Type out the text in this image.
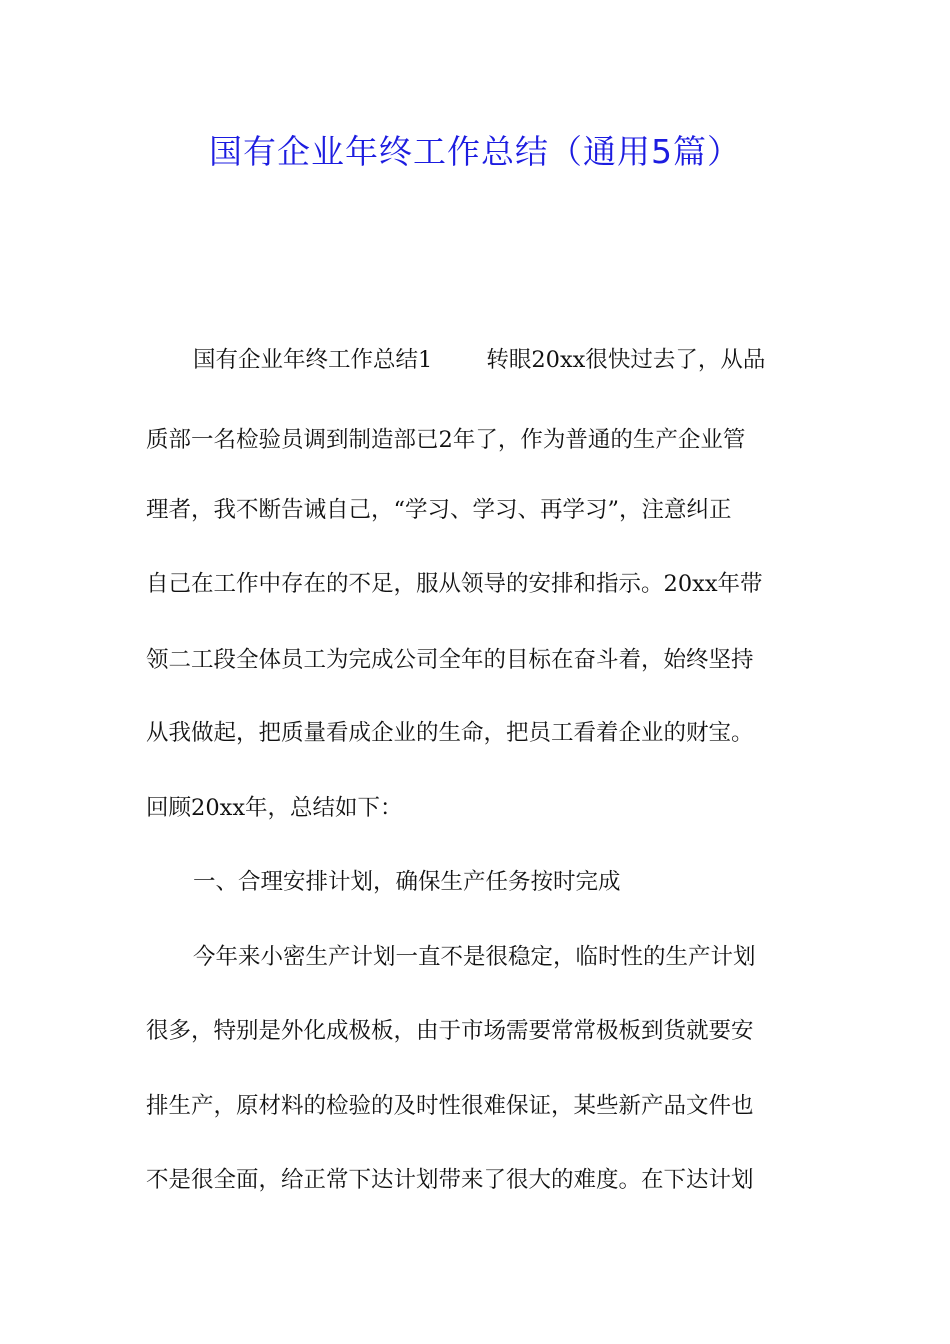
国有企业年终工作总结（通用5篇）
国有企业年终工作总结1 转眼20xx很快过去了，从品
质部一名检验员调到制造部已2年了，作为普通的生产企业管
理者，我不断告诫自己，“学习、学习、再学习”，注意纠正
自己在工作中存在的不足，服从领导的安排和指示。20xx年带
领二工段全体员工为完成公司全年的目标在奋斗着，始终坚持
从我做起，把质量看成企业的生命，把员工看着企业的财宝。
回顾20xx年，总结如下：
一、合理安排计划，确保生产任务按时完成
今年来小密生产计划一直不是很稳定，临时性的生产计划
很多，特别是外化成极板，由于市场需要常常极板到货就要安
排生产，原材料的检验的及时性很难保证，某些新产品文件也
不是很全面，给正常下达计划带来了很大的难度。在下达计划
